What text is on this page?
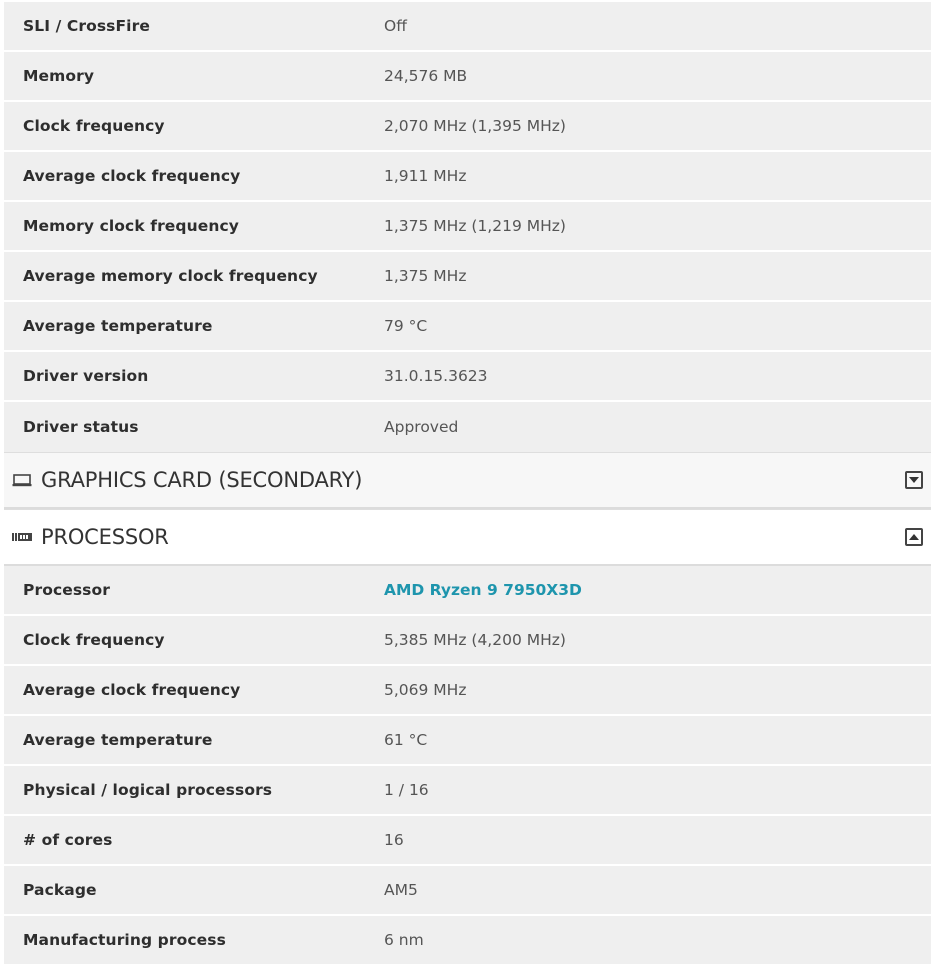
SLI / CrossFire	Off
Memory	24,576 MB
Clock frequency	2,070 MHz (1,395 MHz)
Average clock frequency	1,911 MHz
Memory clock frequency	1,375 MHz (1,219 MHz)
Average memory clock frequency	1,375 MHz
Average temperature	79 °C
Driver version	31.0.15.3623
Driver status	Approved
GRAPHICS CARD (SECONDARY)
PROCESSOR
Processor	AMD Ryzen 9 7950X3D
Clock frequency	5,385 MHz (4,200 MHz)
Average clock frequency	5,069 MHz
Average temperature	61 °C
Physical / logical processors	1 / 16
# of cores	16
Package	AM5
Manufacturing process	6 nm
